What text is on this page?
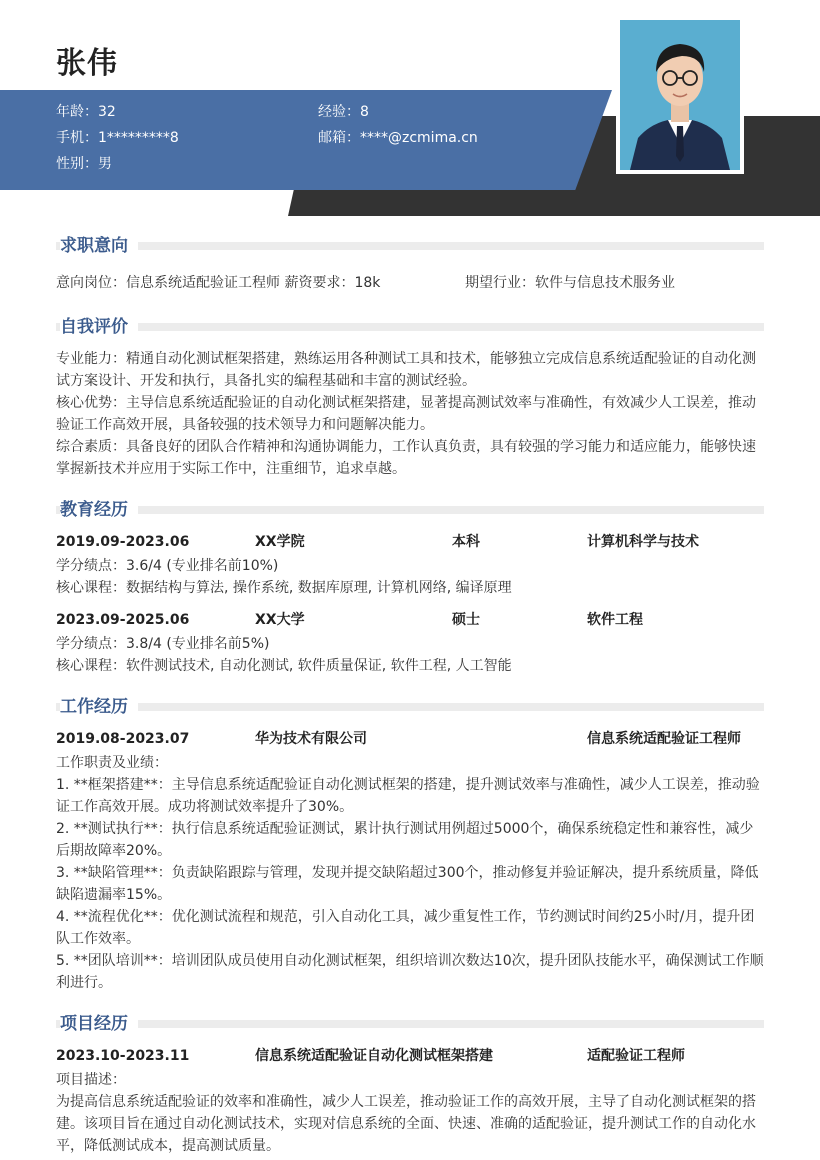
张伟
年龄：32	经验：8
手机：1*********8	邮箱：****@zcmima.cn
性别：男
求职意向
意向岗位：信息系统适配验证工程师 薪资要求：18k	期望行业：软件与信息技术服务业
自我评价
专业能力：精通自动化测试框架搭建，熟练运用各种测试工具和技术，能够独立完成信息系统适配验证的自动化测试方案设计、开发和执行，具备扎实的编程基础和丰富的测试经验。
核心优势：主导信息系统适配验证的自动化测试框架搭建，显著提高测试效率与准确性，有效减少人工误差，推动验证工作高效开展，具备较强的技术领导力和问题解决能力。
综合素质：具备良好的团队合作精神和沟通协调能力，工作认真负责，具有较强的学习能力和适应能力，能够快速掌握新技术并应用于实际工作中，注重细节，追求卓越。
教育经历
2019.09-2023.06	XX学院	本科	计算机科学与技术
学分绩点：3.6/4 (专业排名前10%)
核心课程：数据结构与算法, 操作系统, 数据库原理, 计算机网络, 编译原理
2023.09-2025.06	XX大学	硕士	软件工程
学分绩点：3.8/4 (专业排名前5%)
核心课程：软件测试技术, 自动化测试, 软件质量保证, 软件工程, 人工智能
工作经历
2019.08-2023.07	华为技术有限公司	信息系统适配验证工程师
工作职责及业绩：
1. **框架搭建**：主导信息系统适配验证自动化测试框架的搭建，提升测试效率与准确性，减少人工误差，推动验证工作高效开展。成功将测试效率提升了30%。
2. **测试执行**：执行信息系统适配验证测试，累计执行测试用例超过5000个，确保系统稳定性和兼容性，减少后期故障率20%。
3. **缺陷管理**：负责缺陷跟踪与管理，发现并提交缺陷超过300个，推动修复并验证解决，提升系统质量，降低缺陷遗漏率15%。
4. **流程优化**：优化测试流程和规范，引入自动化工具，减少重复性工作，节约测试时间约25小时/月，提升团队工作效率。
5. **团队培训**：培训团队成员使用自动化测试框架，组织培训次数达10次，提升团队技能水平，确保测试工作顺利进行。
项目经历
2023.10-2023.11	信息系统适配验证自动化测试框架搭建	适配验证工程师
项目描述：
为提高信息系统适配验证的效率和准确性，减少人工误差，推动验证工作的高效开展，主导了自动化测试框架的搭建。该项目旨在通过自动化测试技术，实现对信息系统的全面、快速、准确的适配验证，提升测试工作的自动化水平，降低测试成本，提高测试质量。
